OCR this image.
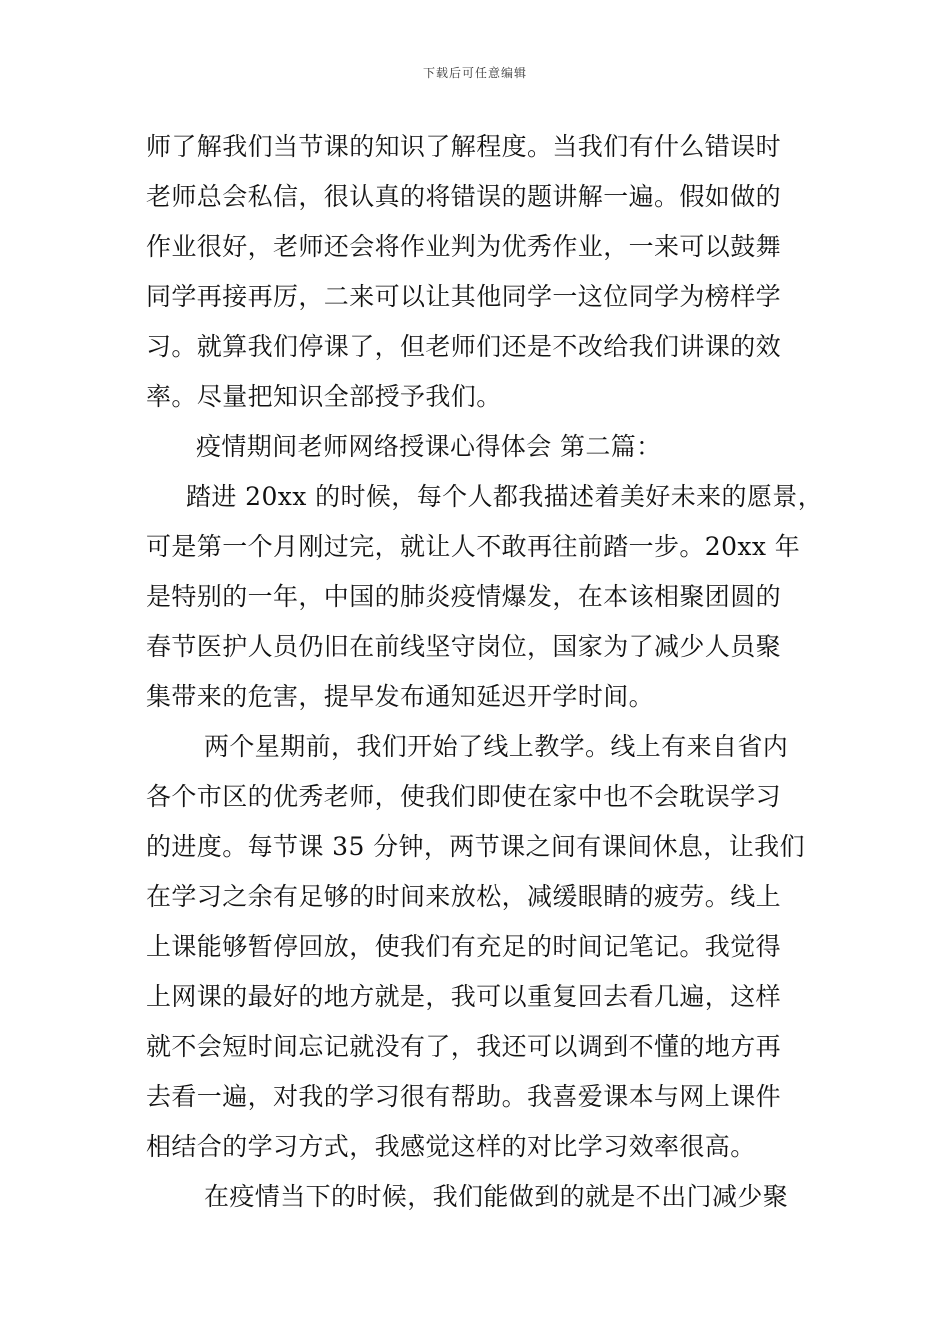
下载后可任意编辑
师了解我们当节课的知识了解程度。当我们有什么错误时
老师总会私信，很认真的将错误的题讲解一遍。假如做的
作业很好，老师还会将作业判为优秀作业，一来可以鼓舞
同学再接再厉，二来可以让其他同学一这位同学为榜样学
习。就算我们停课了，但老师们还是不改给我们讲课的效
率。尽量把知识全部授予我们。
疫情期间老师网络授课心得体会 第二篇：
踏进 20xx 的时候，每个人都我描述着美好未来的愿景，
可是第一个月刚过完，就让人不敢再往前踏一步。20xx 年
是特别的一年，中国的肺炎疫情爆发，在本该相聚团圆的
春节医护人员仍旧在前线坚守岗位，国家为了减少人员聚
集带来的危害，提早发布通知延迟开学时间。
两个星期前，我们开始了线上教学。线上有来自省内
各个市区的优秀老师，使我们即使在家中也不会耽误学习
的进度。每节课 35 分钟，两节课之间有课间休息，让我们
在学习之余有足够的时间来放松，减缓眼睛的疲劳。线上
上课能够暂停回放，使我们有充足的时间记笔记。我觉得
上网课的最好的地方就是，我可以重复回去看几遍，这样
就不会短时间忘记就没有了，我还可以调到不懂的地方再
去看一遍，对我的学习很有帮助。我喜爱课本与网上课件
相结合的学习方式，我感觉这样的对比学习效率很高。
在疫情当下的时候，我们能做到的就是不出门减少聚
